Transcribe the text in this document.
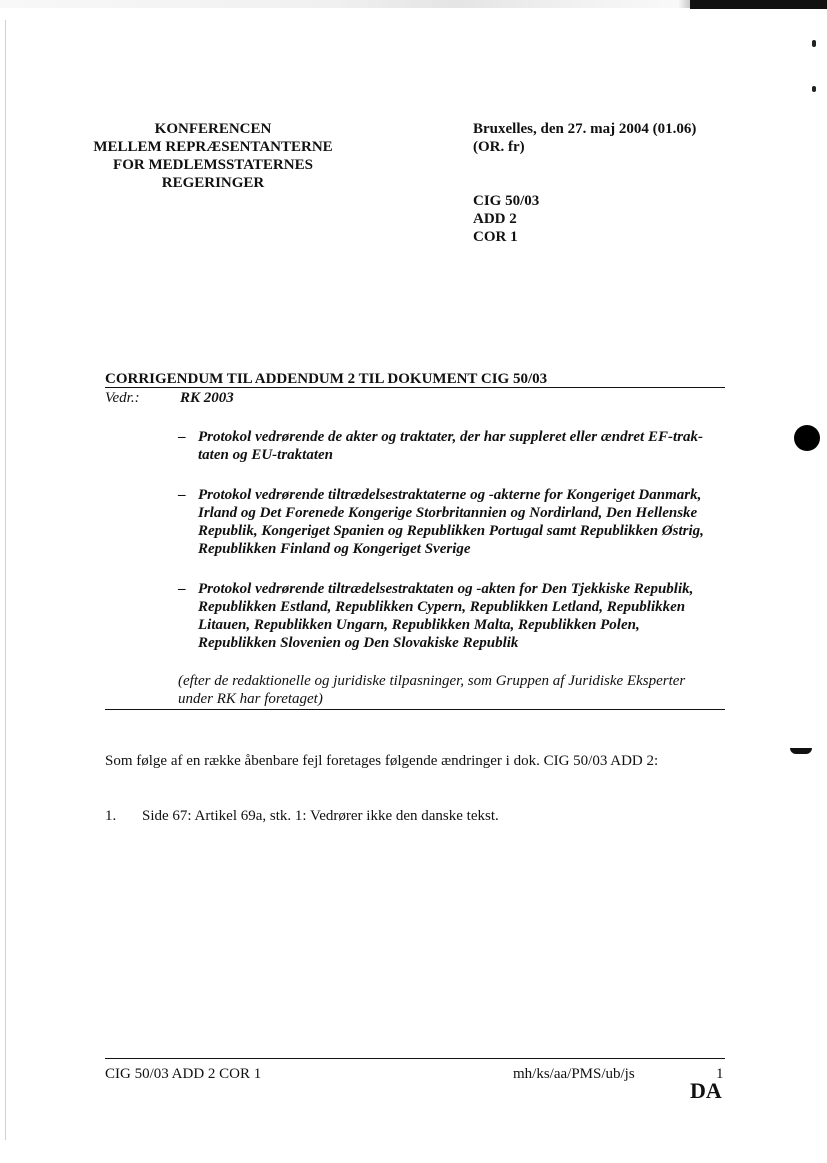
KONFERENCEN
MELLEM REPRÆSENTANTERNE
FOR MEDLEMSSTATERNES
REGERINGER
Bruxelles, den 27. maj 2004 (01.06)
(OR. fr)
CIG 50/03
ADD 2
COR 1
CORRIGENDUM TIL ADDENDUM 2 TIL DOKUMENT CIG 50/03
Vedr.:	RK 2003
– Protokol vedrørende de akter og traktater, der har suppleret eller ændret EF-trak-
taten og EU-traktaten
– Protokol vedrørende tiltrædelsestraktaterne og -akterne for Kongeriget Danmark,
Irland og Det Forenede Kongerige Storbritannien og Nordirland, Den Hellenske
Republik, Kongeriget Spanien og Republikken Portugal samt Republikken Østrig,
Republikken Finland og Kongeriget Sverige
– Protokol vedrørende tiltrædelsestraktaten og -akten for Den Tjekkiske Republik,
Republikken Estland, Republikken Cypern, Republikken Letland, Republikken
Litauen, Republikken Ungarn, Republikken Malta, Republikken Polen,
Republikken Slovenien og Den Slovakiske Republik
(efter de redaktionelle og juridiske tilpasninger, som Gruppen af Juridiske Eksperter
under RK har foretaget)
Som følge af en række åbenbare fejl foretages følgende ændringer i dok. CIG 50/03 ADD 2:
1. Side 67: Artikel 69a, stk. 1: Vedrører ikke den danske tekst.
CIG 50/03 ADD 2 COR 1	mh/ks/aa/PMS/ub/js	1
DA
